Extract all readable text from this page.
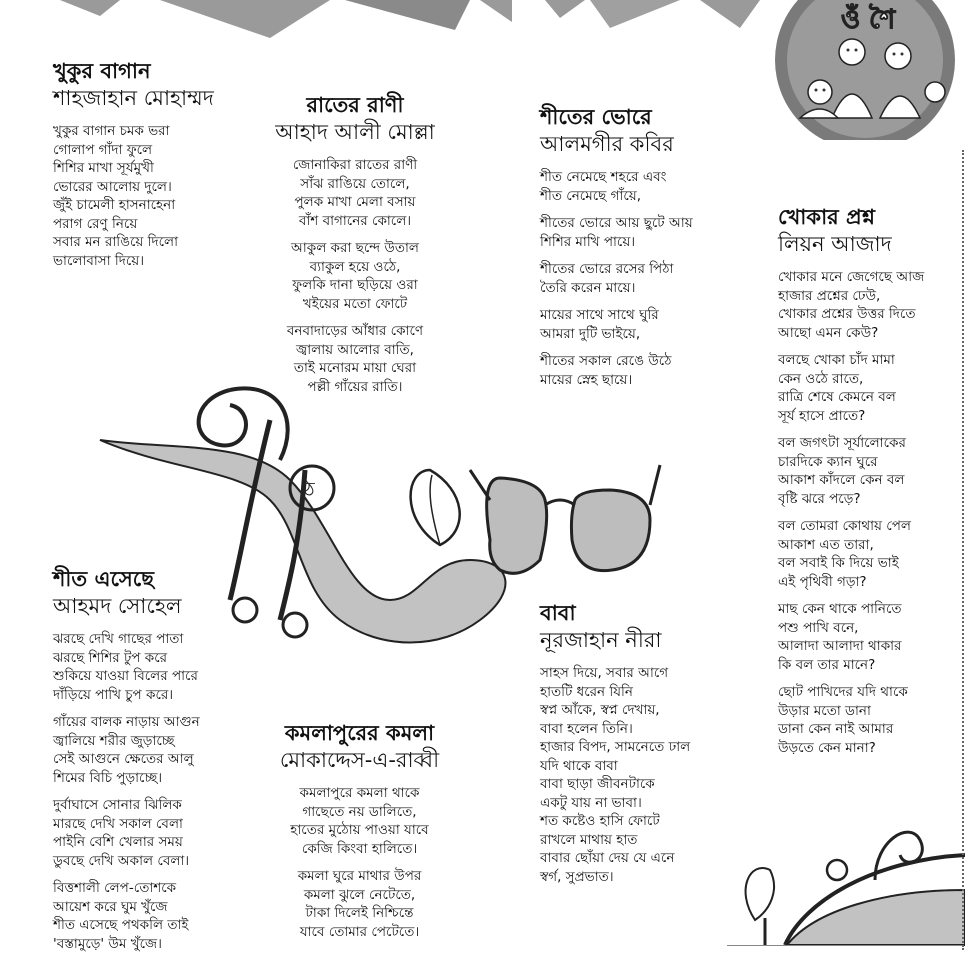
ওঁ শৈ
ঠ
খুকুর বাগান
শাহজাহান মোহাম্মদ
খুকুর বাগান চমক ভরা
গোলাপ গাঁদা ফুলে
শিশির মাখা সূর্যমুখী
ভোরের আলোয় দুলে।
জুঁই চামেলী হাসনাহেনা
পরাগ রেণু নিয়ে
সবার মন রাঙিয়ে দিলো
ভালোবাসা দিয়ে।
রাতের রাণী
আহাদ আলী মোল্লা
জোনাকিরা রাতের রাণী
সাঁঝ রাঙিয়ে তোলে,
পুলক মাখা মেলা বসায়
বাঁশ বাগানের কোলে।
আকুল করা ছন্দে উতাল
ব্যাকুল হয়ে ওঠে,
ফুলকি দানা ছড়িয়ে ওরা
খইয়ের মতো ফোটে
বনবাদাড়ের আঁধার কোণে
জ্বালায় আলোর বাতি,
তাই মনোরম মায়া ঘেরা
পল্লী গাঁয়ের রাতি।
শীতের ভোরে
আলমগীর কবির
শীত নেমেছে শহরে এবং
শীত নেমেছে গাঁয়ে,
শীতের ভোরে আয় ছুটে আয়
শিশির মাখি পায়ে।
শীতের ভোরে রসের পিঠা
তৈরি করেন মায়ে।
মায়ের সাথে সাথে ঘুরি
আমরা দুটি ভাইয়ে,
শীতের সকাল রেঙে উঠে
মায়ের স্নেহ ছায়ে।
খোকার প্রশ্ন
লিয়ন আজাদ
খোকার মনে জেগেছে আজ
হাজার প্রশ্নের ঢেউ,
খোকার প্রশ্নের উত্তর দিতে
আছো এমন কেউ?
বলছে খোকা চাঁদ মামা
কেন ওঠে রাতে,
রাত্রি শেষে কেমনে বল
সূর্য হাসে প্রাতে?
বল জগৎটা সূর্যালোকের
চারদিকে ক্যান ঘুরে
আকাশ কাঁদলে কেন বল
বৃষ্টি ঝরে পড়ে?
বল তোমরা কোথায় পেল
আকাশ এত তারা,
বল সবাই কি দিয়ে ভাই
এই পৃথিবী গড়া?
মাছ কেন থাকে পানিতে
পশু পাখি বনে,
আলাদা আলাদা থাকার
কি বল তার মানে?
ছোট পাখিদের যদি থাকে
উড়ার মতো ডানা
ডানা কেন নাই আমার
উড়তে কেন মানা?
শীত এসেছে
আহমদ সোহেল
ঝরছে দেখি গাছের পাতা
ঝরছে শিশির টুপ করে
শুকিয়ে যাওয়া বিলের পারে
দাঁড়িয়ে পাখি চুপ করে।
গাঁয়ের বালক নাড়ায় আগুন
জ্বালিয়ে শরীর জুড়াচ্ছে
সেই আগুনে ক্ষেতের আলু
শিমের বিচি পুড়াচ্ছে।
দুর্বাঘাসে সোনার ঝিলিক
মারছে দেখি সকাল বেলা
পাইনি বেশি খেলার সময়
ডুবছে দেখি অকাল বেলা।
বিত্তশালী লেপ-তোশকে
আয়েশ করে ঘুম খুঁজে
শীত এসেছে পথকলি তাই
'বস্তামুড়ে' উম খুঁজে।
কমলাপুরের কমলা
মোকাদ্দেস-এ-রাব্বী
কমলাপুরে কমলা থাকে
গাছেতে নয় ডালিতে,
হাতের মুঠোয় পাওয়া যাবে
কেজি কিংবা হালিতে।
কমলা ঘুরে মাথার উপর
কমলা ঝুলে নেটেতে,
টাকা দিলেই নিশ্চিন্তে
যাবে তোমার পেটেতে।
বাবা
নূরজাহান নীরা
সাহস দিয়ে, সবার আগে
হাতটি ধরেন যিনি
স্বপ্ন আঁকে, স্বপ্ন দেখায়,
বাবা হলেন তিনি।
হাজার বিপদ, সামনেতে ঢাল
যদি থাকে বাবা
বাবা ছাড়া জীবনটাকে
একটু যায় না ভাবা।
শত কষ্টেও হাসি ফোটে
রাখলে মাথায় হাত
বাবার ছোঁয়া দেয় যে এনে
স্বর্গ, সুপ্রভাত।
